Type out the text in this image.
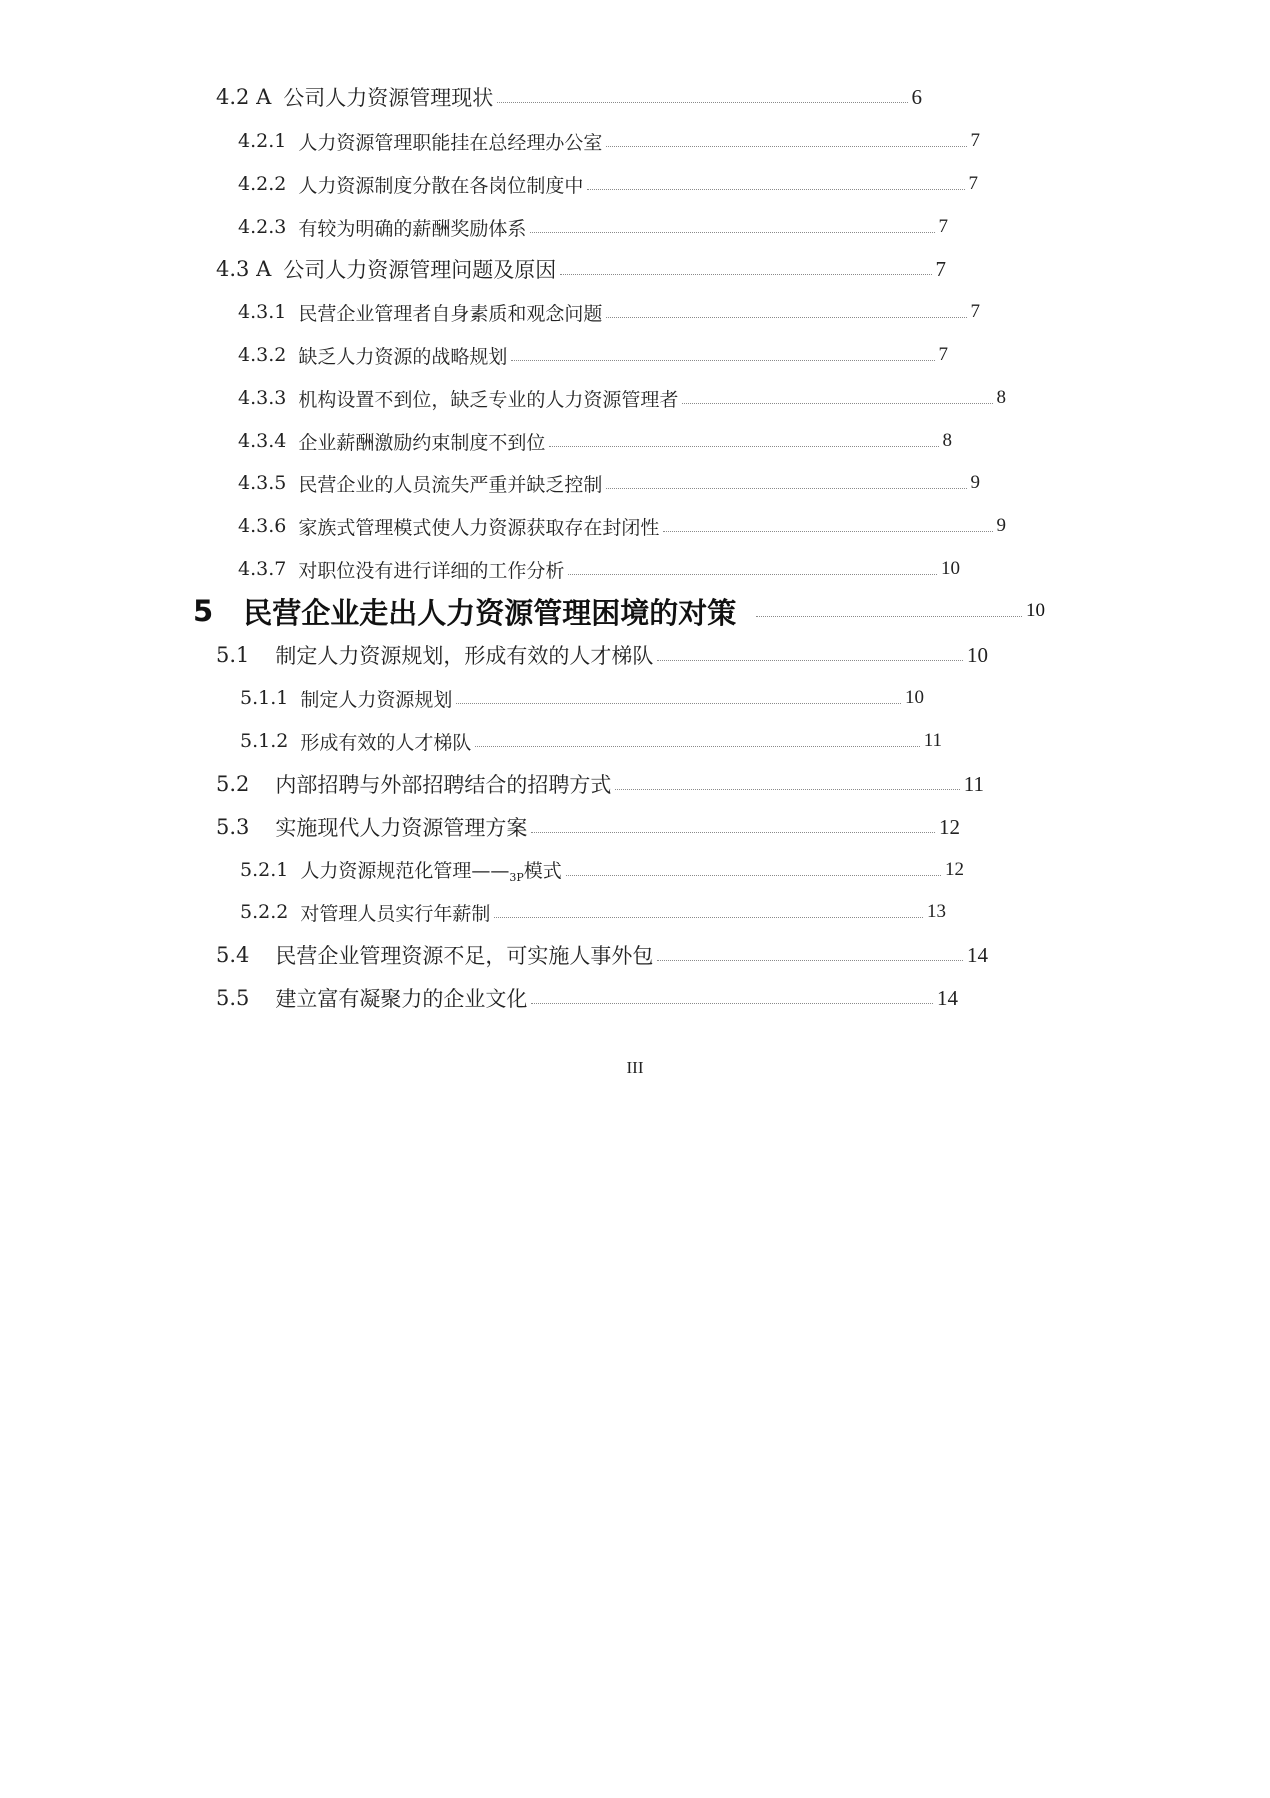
4.2 A 公司人力资源管理现状	6
4.2.1 人力资源管理职能挂在总经理办公室	7
4.2.2 人力资源制度分散在各岗位制度中	7
4.2.3 有较为明确的薪酬奖励体系	7
4.3 A 公司人力资源管理问题及原因	7
4.3.1 民营企业管理者自身素质和观念问题	7
4.3.2 缺乏人力资源的战略规划	7
4.3.3 机构设置不到位，缺乏专业的人力资源管理者	8
4.3.4 企业薪酬激励约束制度不到位	8
4.3.5 民营企业的人员流失严重并缺乏控制	9
4.3.6 家族式管理模式使人力资源获取存在封闭性	9
4.3.7 对职位没有进行详细的工作分析	10
5 民营企业走出人力资源管理困境的对策	10
5.1 制定人力资源规划，形成有效的人才梯队	10
5.1.1 制定人力资源规划	10
5.1.2 形成有效的人才梯队	11
5.2 内部招聘与外部招聘结合的招聘方式	11
5.3 实施现代人力资源管理方案	12
5.2.1 人力资源规范化管理$——_{3P}$模式	12
5.2.2 对管理人员实行年薪制	13
5.4 民营企业管理资源不足，可实施人事外包	14
5.5 建立富有凝聚力的企业文化	14
III
